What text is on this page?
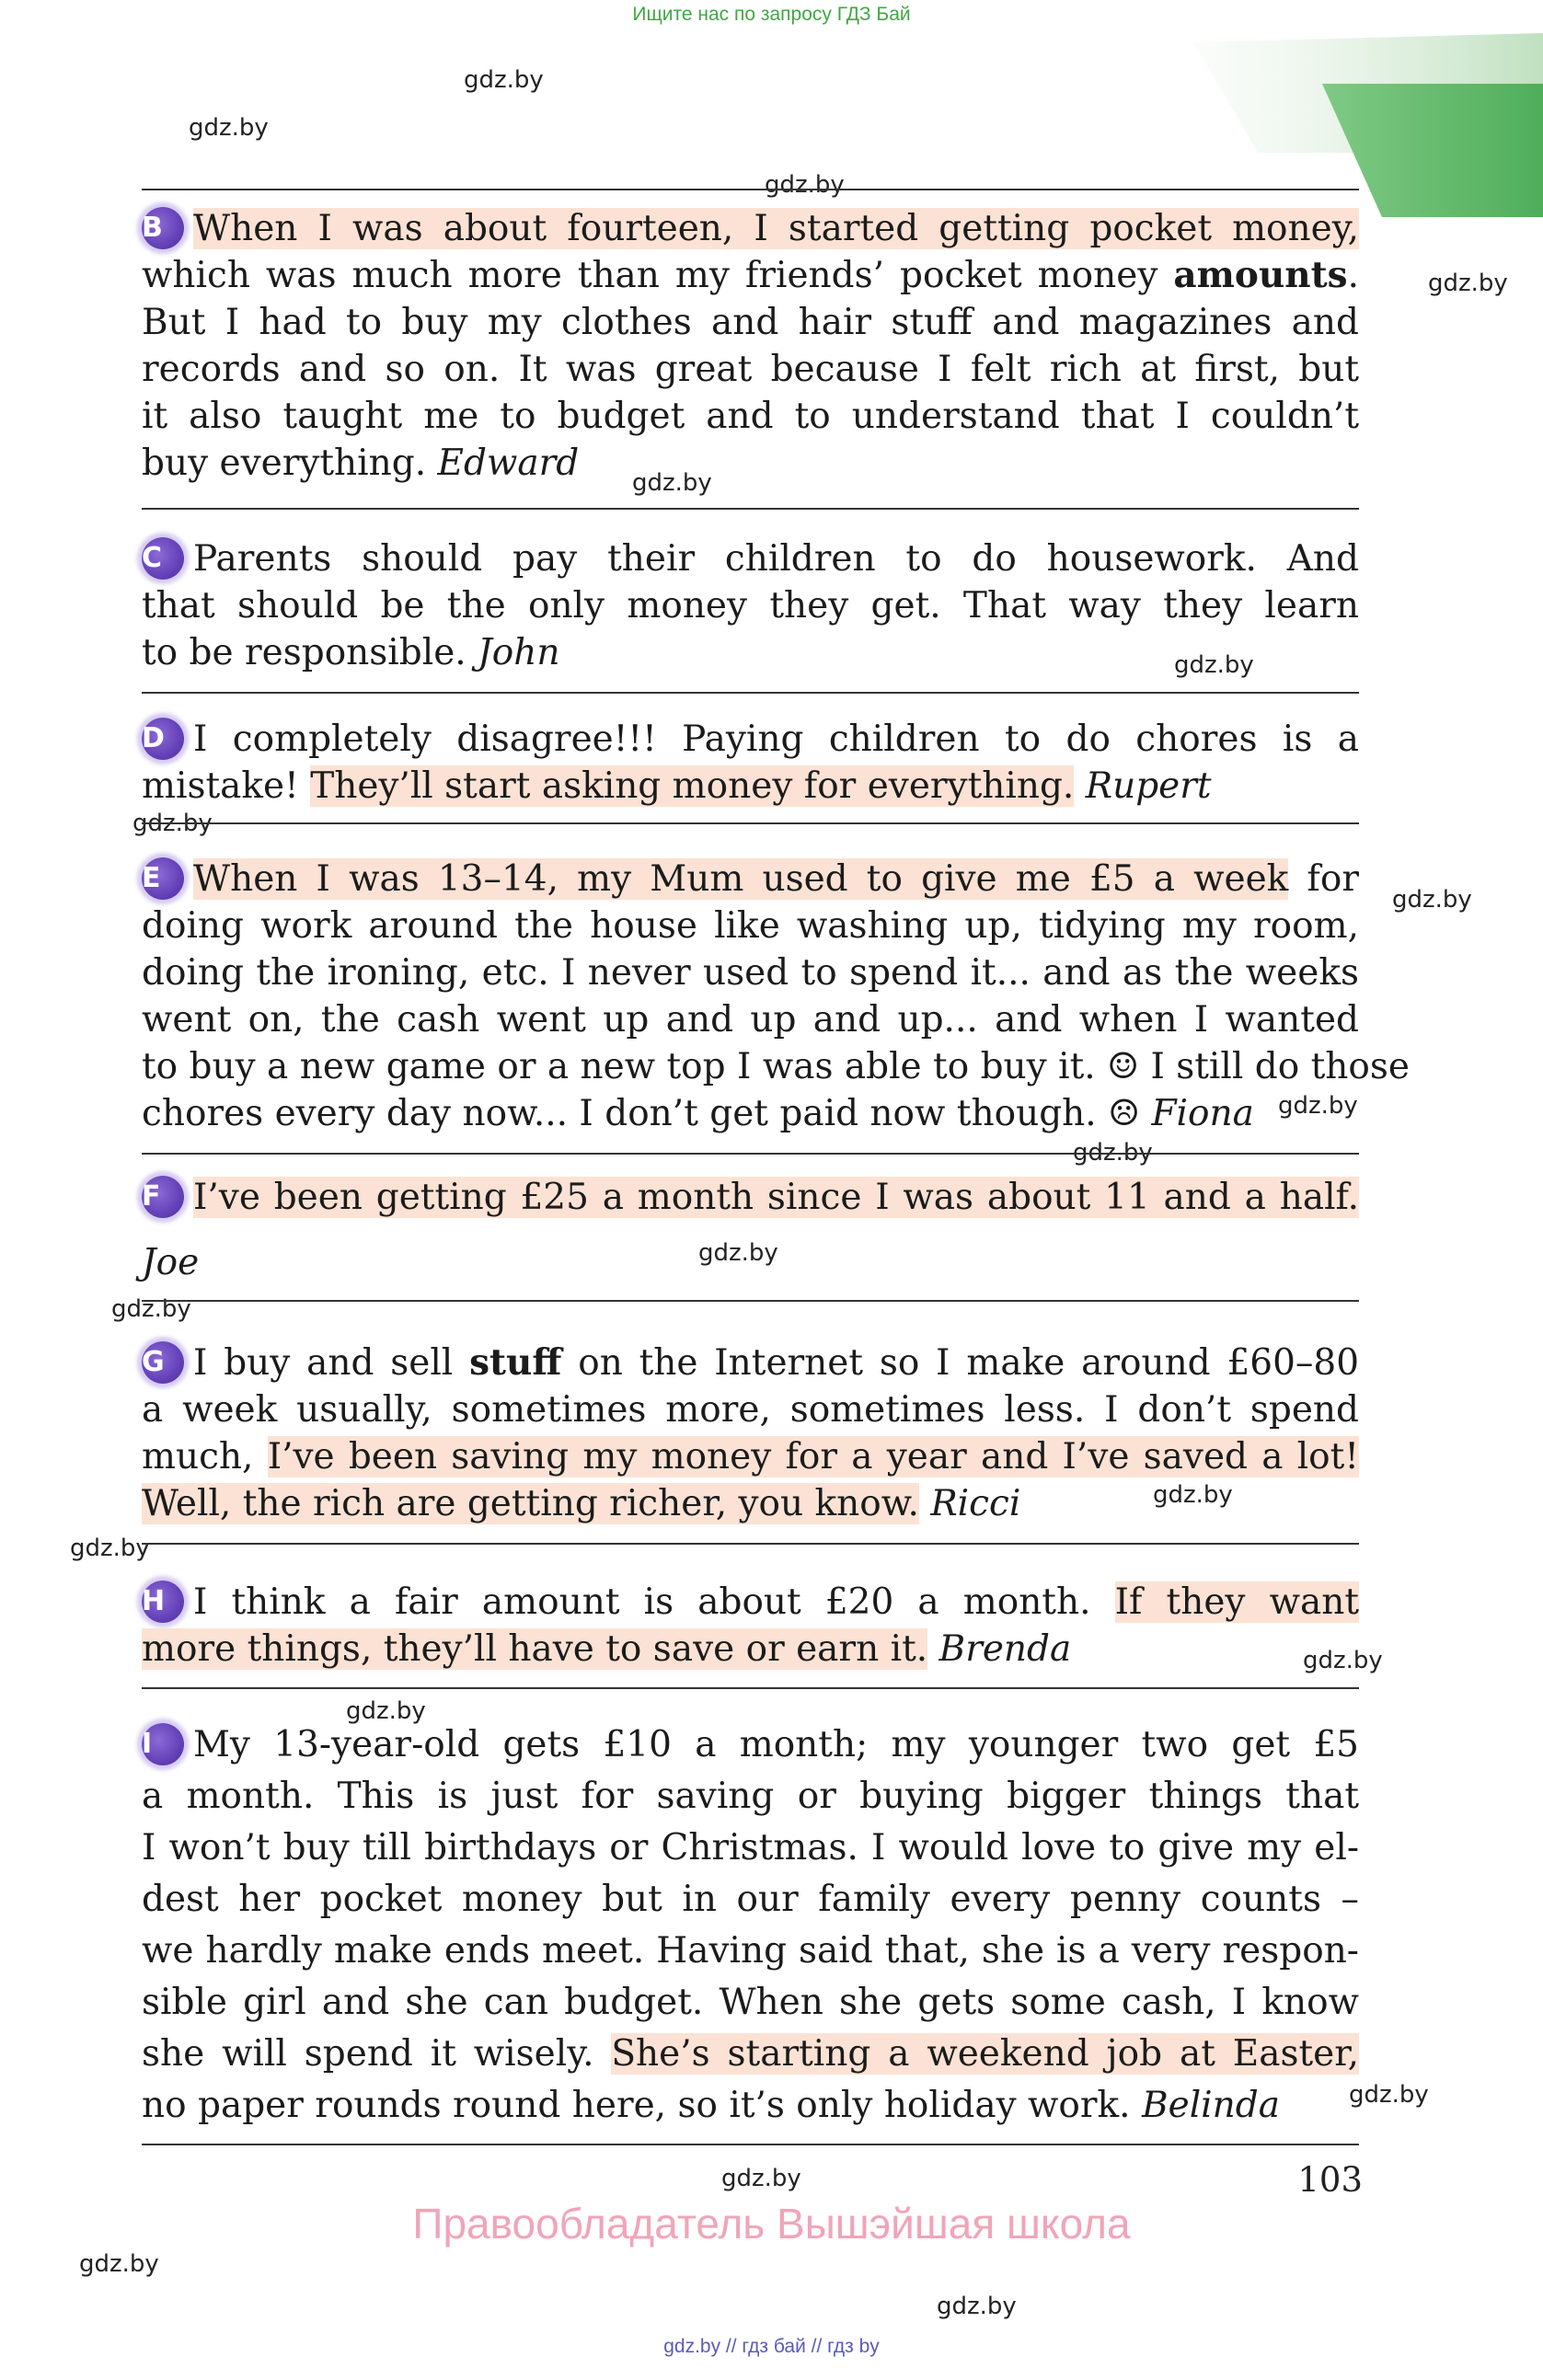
Ищите нас по запросу ГДЗ Бай
gdz.by
gdz.by
gdz.by
gdz.by
gdz.by
gdz.by
gdz.by
gdz.by
gdz.by
gdz.by
gdz.by
gdz.by
gdz.by
gdz.by
gdz.by
gdz.by
gdz.by
gdz.by
gdz.by
gdz.by
B When I was about fourteen, I started getting pocket money,
which was much more than my friends’ pocket money amounts.
But I had to buy my clothes and hair stuff and magazines and
records and so on. It was great because I felt rich at first, but
it also taught me to budget and to understand that I couldn’t
buy everything. Edward
C Parents should pay their children to do housework. And
that should be the only money they get. That way they learn
to be responsible. John
D I completely disagree!!! Paying children to do chores is a
mistake! They’ll start asking money for everything. Rupert
E When I was 13–14, my Mum used to give me £5 a week for
doing work around the house like washing up, tidying my room,
doing the ironing, etc. I never used to spend it... and as the weeks
went on, the cash went up and up and up... and when I wanted
to buy a new game or a new top I was able to buy it. ☺ I still do those
chores every day now... I don’t get paid now though. ☹ Fiona
F I’ve been getting £25 a month since I was about 11 and a half.
Joe
G I buy and sell stuff on the Internet so I make around £60–80
a week usually, sometimes more, sometimes less. I don’t spend
much, I’ve been saving my money for a year and I’ve saved a lot!
Well, the rich are getting richer, you know. Ricci
H I think a fair amount is about £20 a month. If they want
more things, they’ll have to save or earn it. Brenda
I My 13-year-old gets £10 a month; my younger two get £5
a month. This is just for saving or buying bigger things that
I won’t buy till birthdays or Christmas. I would love to give my el-
dest her pocket money but in our family every penny counts –
we hardly make ends meet. Having said that, she is a very respon-
sible girl and she can budget. When she gets some cash, I know
she will spend it wisely. She’s starting a weekend job at Easter,
no paper rounds round here, so it’s only holiday work. Belinda
103
Правообладатель Вышэйшая школа
gdz.by // гдз бай // гдз by
